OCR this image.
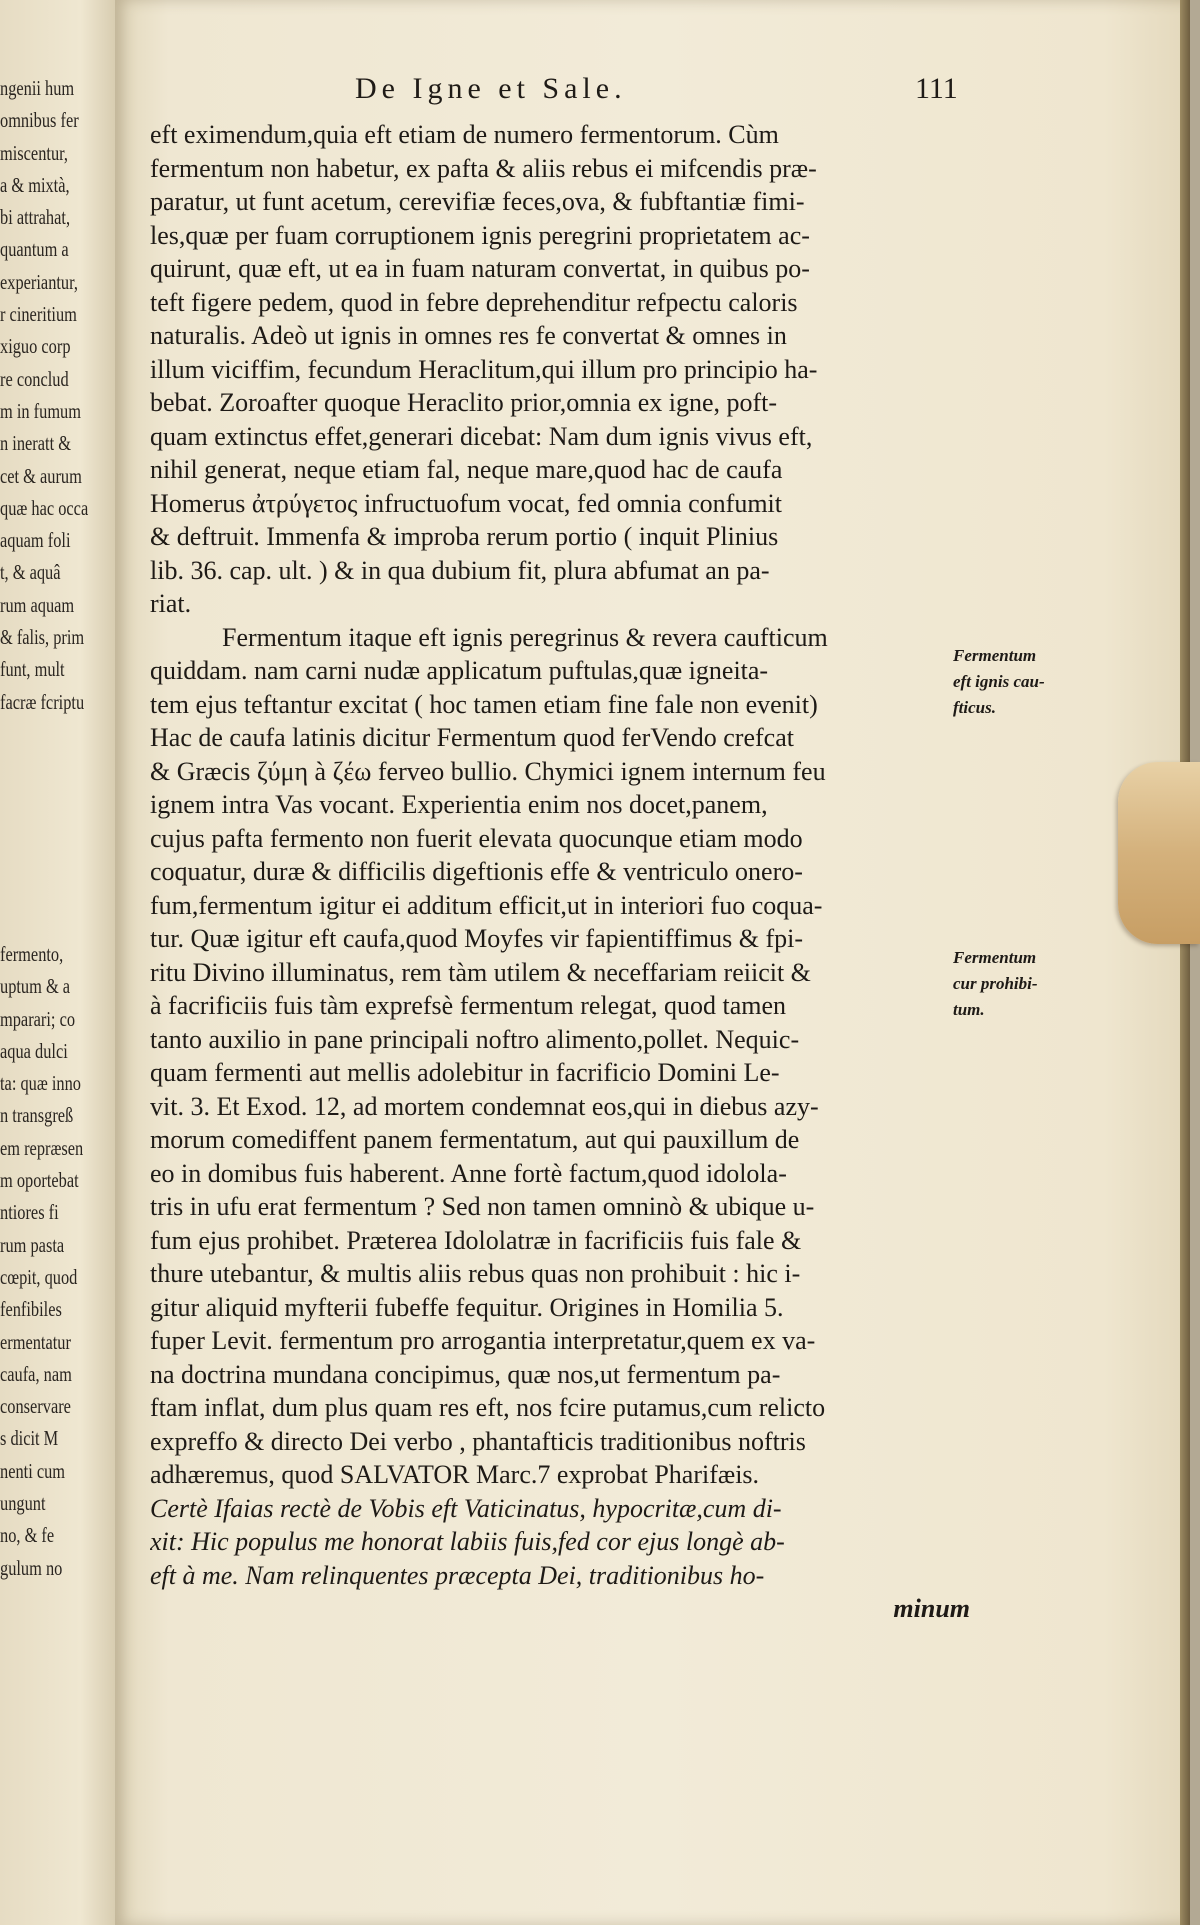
ngenii hum
omnibus fer
miscentur,
a & mixtà,
bi attrahat,
quantum a
experiantur,
r cineritium
xiguo corp
re conclud
m in fumum
n ineratt &
cet & aurum
quæ hac occa
aquam foli
t, & aquâ
rum aquam
& falis, prim
funt, mult
facræ fcriptu
fermento,
uptum & a
mparari; co
aqua dulci
ta: quæ inno
n transgreß
em repræsen
m oportebat
ntiores fi
rum pasta
cœpit, quod
fenfibiles
ermentatur
caufa, nam
conservare
s dicit M
nenti cum
ungunt
no, & fe
gulum no
De Igne et Sale.	111
eft eximendum,quia eft etiam de numero fermentorum. Cùm
fermentum non habetur, ex pafta & aliis rebus ei mifcendis præ-
paratur, ut funt acetum, cerevifiæ feces,ova, & fubftantiæ fimi-
les,quæ per fuam corruptionem ignis peregrini proprietatem ac-
quirunt, quæ eft, ut ea in fuam naturam convertat, in quibus po-
teft figere pedem, quod in febre deprehenditur refpectu caloris
naturalis. Adeò ut ignis in omnes res fe convertat & omnes in
illum viciffim, fecundum Heraclitum,qui illum pro principio ha-
bebat. Zoroafter quoque Heraclito prior,omnia ex igne, poft-
quam extinctus effet,generari dicebat: Nam dum ignis vivus eft,
nihil generat, neque etiam fal, neque mare,quod hac de caufa
Homerus ἀτρύγετος infructuofum vocat, fed omnia confumit
& deftruit. Immenfa & improba rerum portio ( inquit Plinius
lib. 36. cap. ult. ) & in qua dubium fit, plura abfumat an pa-
riat.
Fermentum itaque eft ignis peregrinus & revera caufticum
quiddam. nam carni nudæ applicatum puftulas,quæ igneita-
tem ejus teftantur excitat ( hoc tamen etiam fine fale non evenit)
Hac de caufa latinis dicitur Fermentum quod ferVendo crefcat
& Græcis ζύμη à ζέω ferveo bullio. Chymici ignem internum feu
ignem intra Vas vocant. Experientia enim nos docet,panem,
cujus pafta fermento non fuerit elevata quocunque etiam modo
coquatur, duræ & difficilis digeftionis effe & ventriculo onero-
fum,fermentum igitur ei additum efficit,ut in interiori fuo coqua-
tur. Quæ igitur eft caufa,quod Moyfes vir fapientiffimus & fpi-
ritu Divino illuminatus, rem tàm utilem & neceffariam reiicit &
à facrificiis fuis tàm exprefsè fermentum relegat, quod tamen
tanto auxilio in pane principali noftro alimento,pollet. Nequic-
quam fermenti aut mellis adolebitur in facrificio Domini Le-
vit. 3. Et Exod. 12, ad mortem condemnat eos,qui in diebus azy-
morum comediffent panem fermentatum, aut qui pauxillum de
eo in domibus fuis haberent. Anne fortè factum,quod idolola-
tris in ufu erat fermentum ? Sed non tamen omninò & ubique u-
fum ejus prohibet. Præterea Idololatræ in facrificiis fuis fale &
thure utebantur, & multis aliis rebus quas non prohibuit : hic i-
gitur aliquid myfterii fubeffe fequitur. Origines in Homilia 5.
fuper Levit. fermentum pro arrogantia interpretatur,quem ex va-
na doctrina mundana concipimus, quæ nos,ut fermentum pa-
ftam inflat, dum plus quam res eft, nos fcire putamus,cum relicto
expreffo & directo Dei verbo , phantafticis traditionibus noftris
adhæremus, quod SALVATOR Marc.7 exprobat Pharifæis.
Certè Ifaias rectè de Vobis eft Vaticinatus, hypocritæ,cum di-
xit: Hic populus me honorat labiis fuis,fed cor ejus longè ab-
eft à me. Nam relinquentes præcepta Dei, traditionibus ho-
minum
Fermentum
eft ignis cau-
fticus.
Fermentum
cur prohibi-
tum.
